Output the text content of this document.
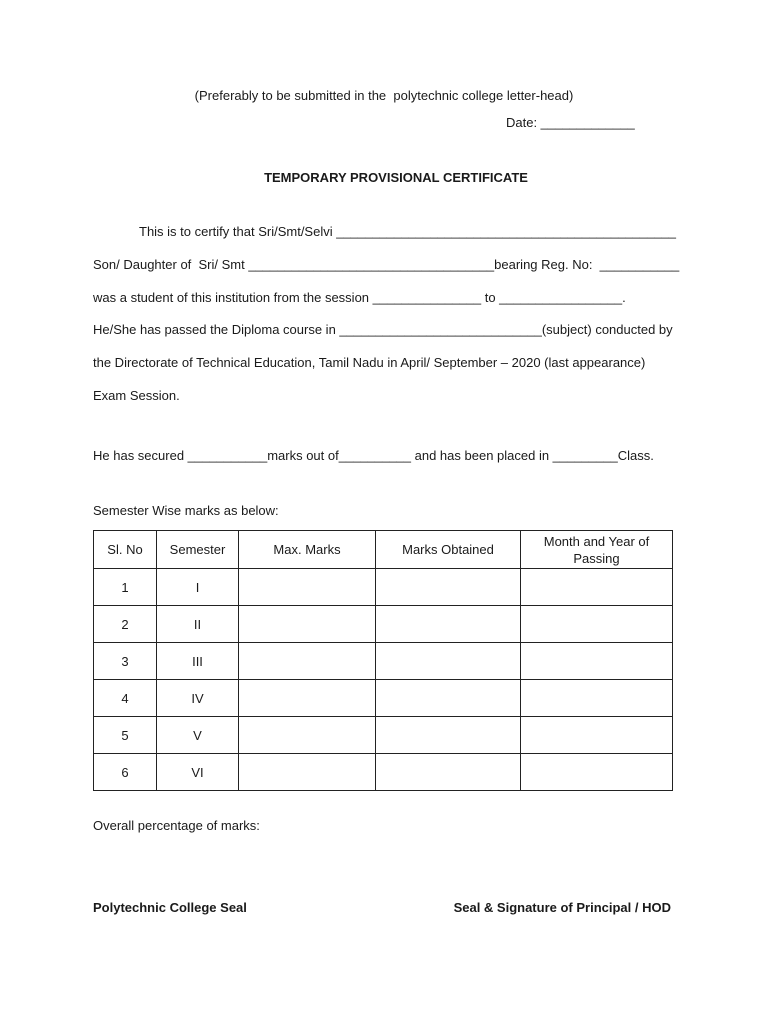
(Preferably to be submitted in the  polytechnic college letter-head)
Date: _____________
TEMPORARY PROVISIONAL CERTIFICATE
This is to certify that Sri/Smt/Selvi _______________________________________________
Son/ Daughter of  Sri/ Smt __________________________________bearing Reg. No:  ___________
was a student of this institution from the session _______________ to _________________.
He/She has passed the Diploma course in ____________________________(subject) conducted by
the Directorate of Technical Education, Tamil Nadu in April/ September – 2020 (last appearance)
Exam Session.
He has secured ___________marks out of__________ and has been placed in _________Class.
Semester Wise marks as below:
Sl. No	Semester	Max. Marks	Marks Obtained	Month and Year of Passing
1	I			
2	II			
3	III			
4	IV			
5	V			
6	VI			
Overall percentage of marks:
Polytechnic College Seal	Seal & Signature of Principal / HOD
